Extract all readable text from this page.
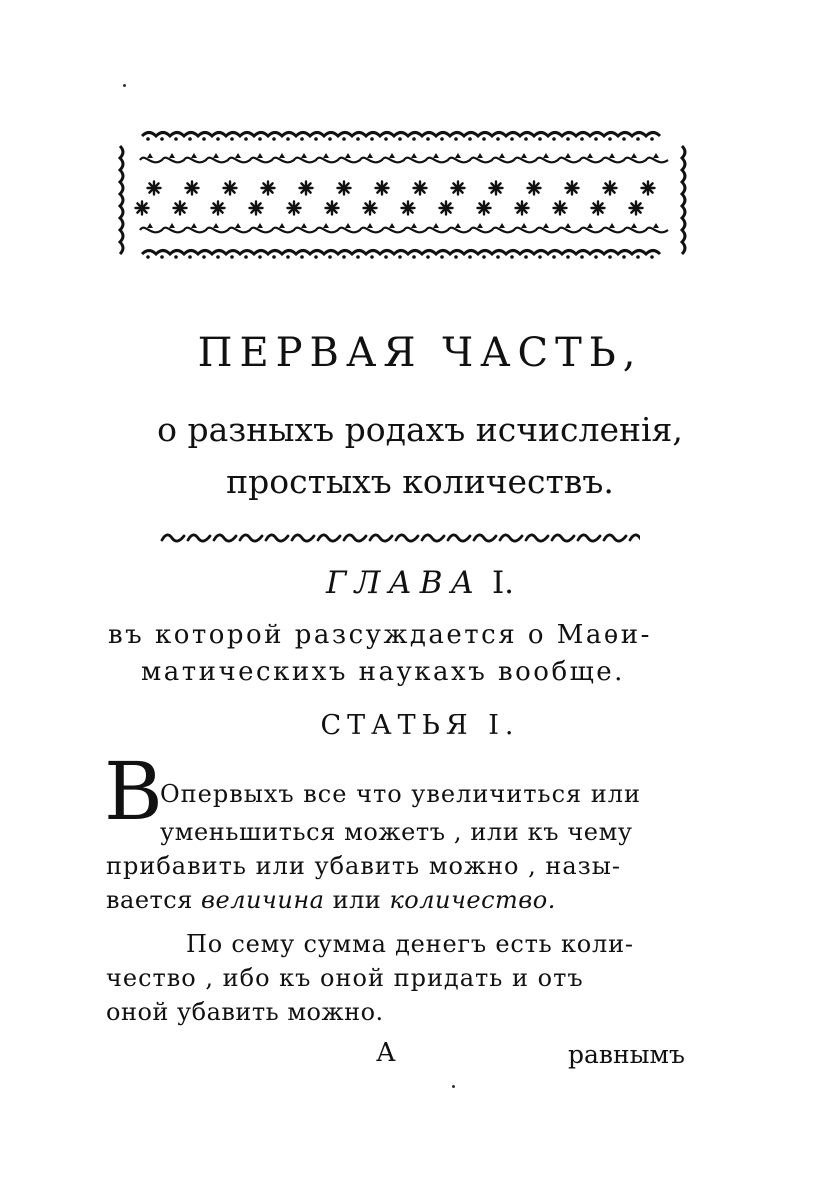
ПЕРВАЯ ЧАСТЬ,

о разныхъ родахъ исчисленія,

простыхъ количествъ.

ГЛАВА I.

въ которой разсуждается о Маѳи-

матическихъ наукахъ вообще.

СТАТЬЯ І.

В

Опервыхъ все что увеличиться или

уменьшиться можетъ , или къ чему

прибавить или убавить можно , назы-

вается величина или количество.

По сему сумма денегъ есть коли-

чество , ибо къ оной придать и отъ

оной убавить можно.

А	равнымъ
